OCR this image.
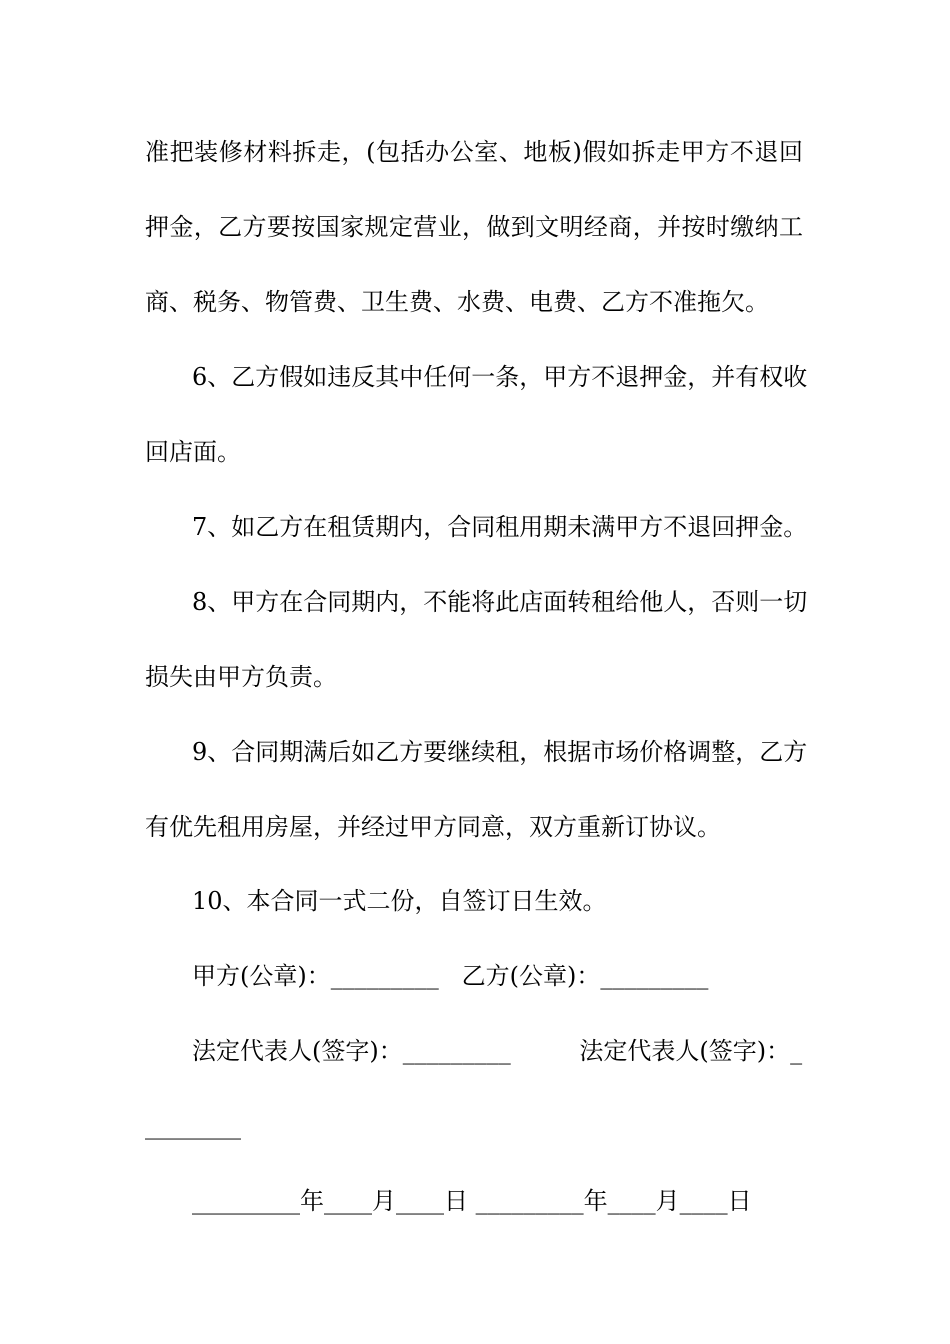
准把装修材料拆走，(包括办公室、地板)假如拆走甲方不退回
押金，乙方要按国家规定营业，做到文明经商，并按时缴纳工
商、税务、物管费、卫生费、水费、电费、乙方不准拖欠。
6、乙方假如违反其中任何一条，甲方不退押金，并有权收
回店面。
7、如乙方在租赁期内，合同租用期未满甲方不退回押金。
8、甲方在合同期内，不能将此店面转租给他人，否则一切
损失由甲方负责。
9、合同期满后如乙方要继续租，根据市场价格调整，乙方
有优先租用房屋，并经过甲方同意，双方重新订协议。
10、本合同一式二份，自签订日生效。
甲方(公章)：_________   乙方(公章)：_________
法定代表人(签字)：_________         法定代表人(签字)：_
________
_________年____月____日 _________年____月____日
